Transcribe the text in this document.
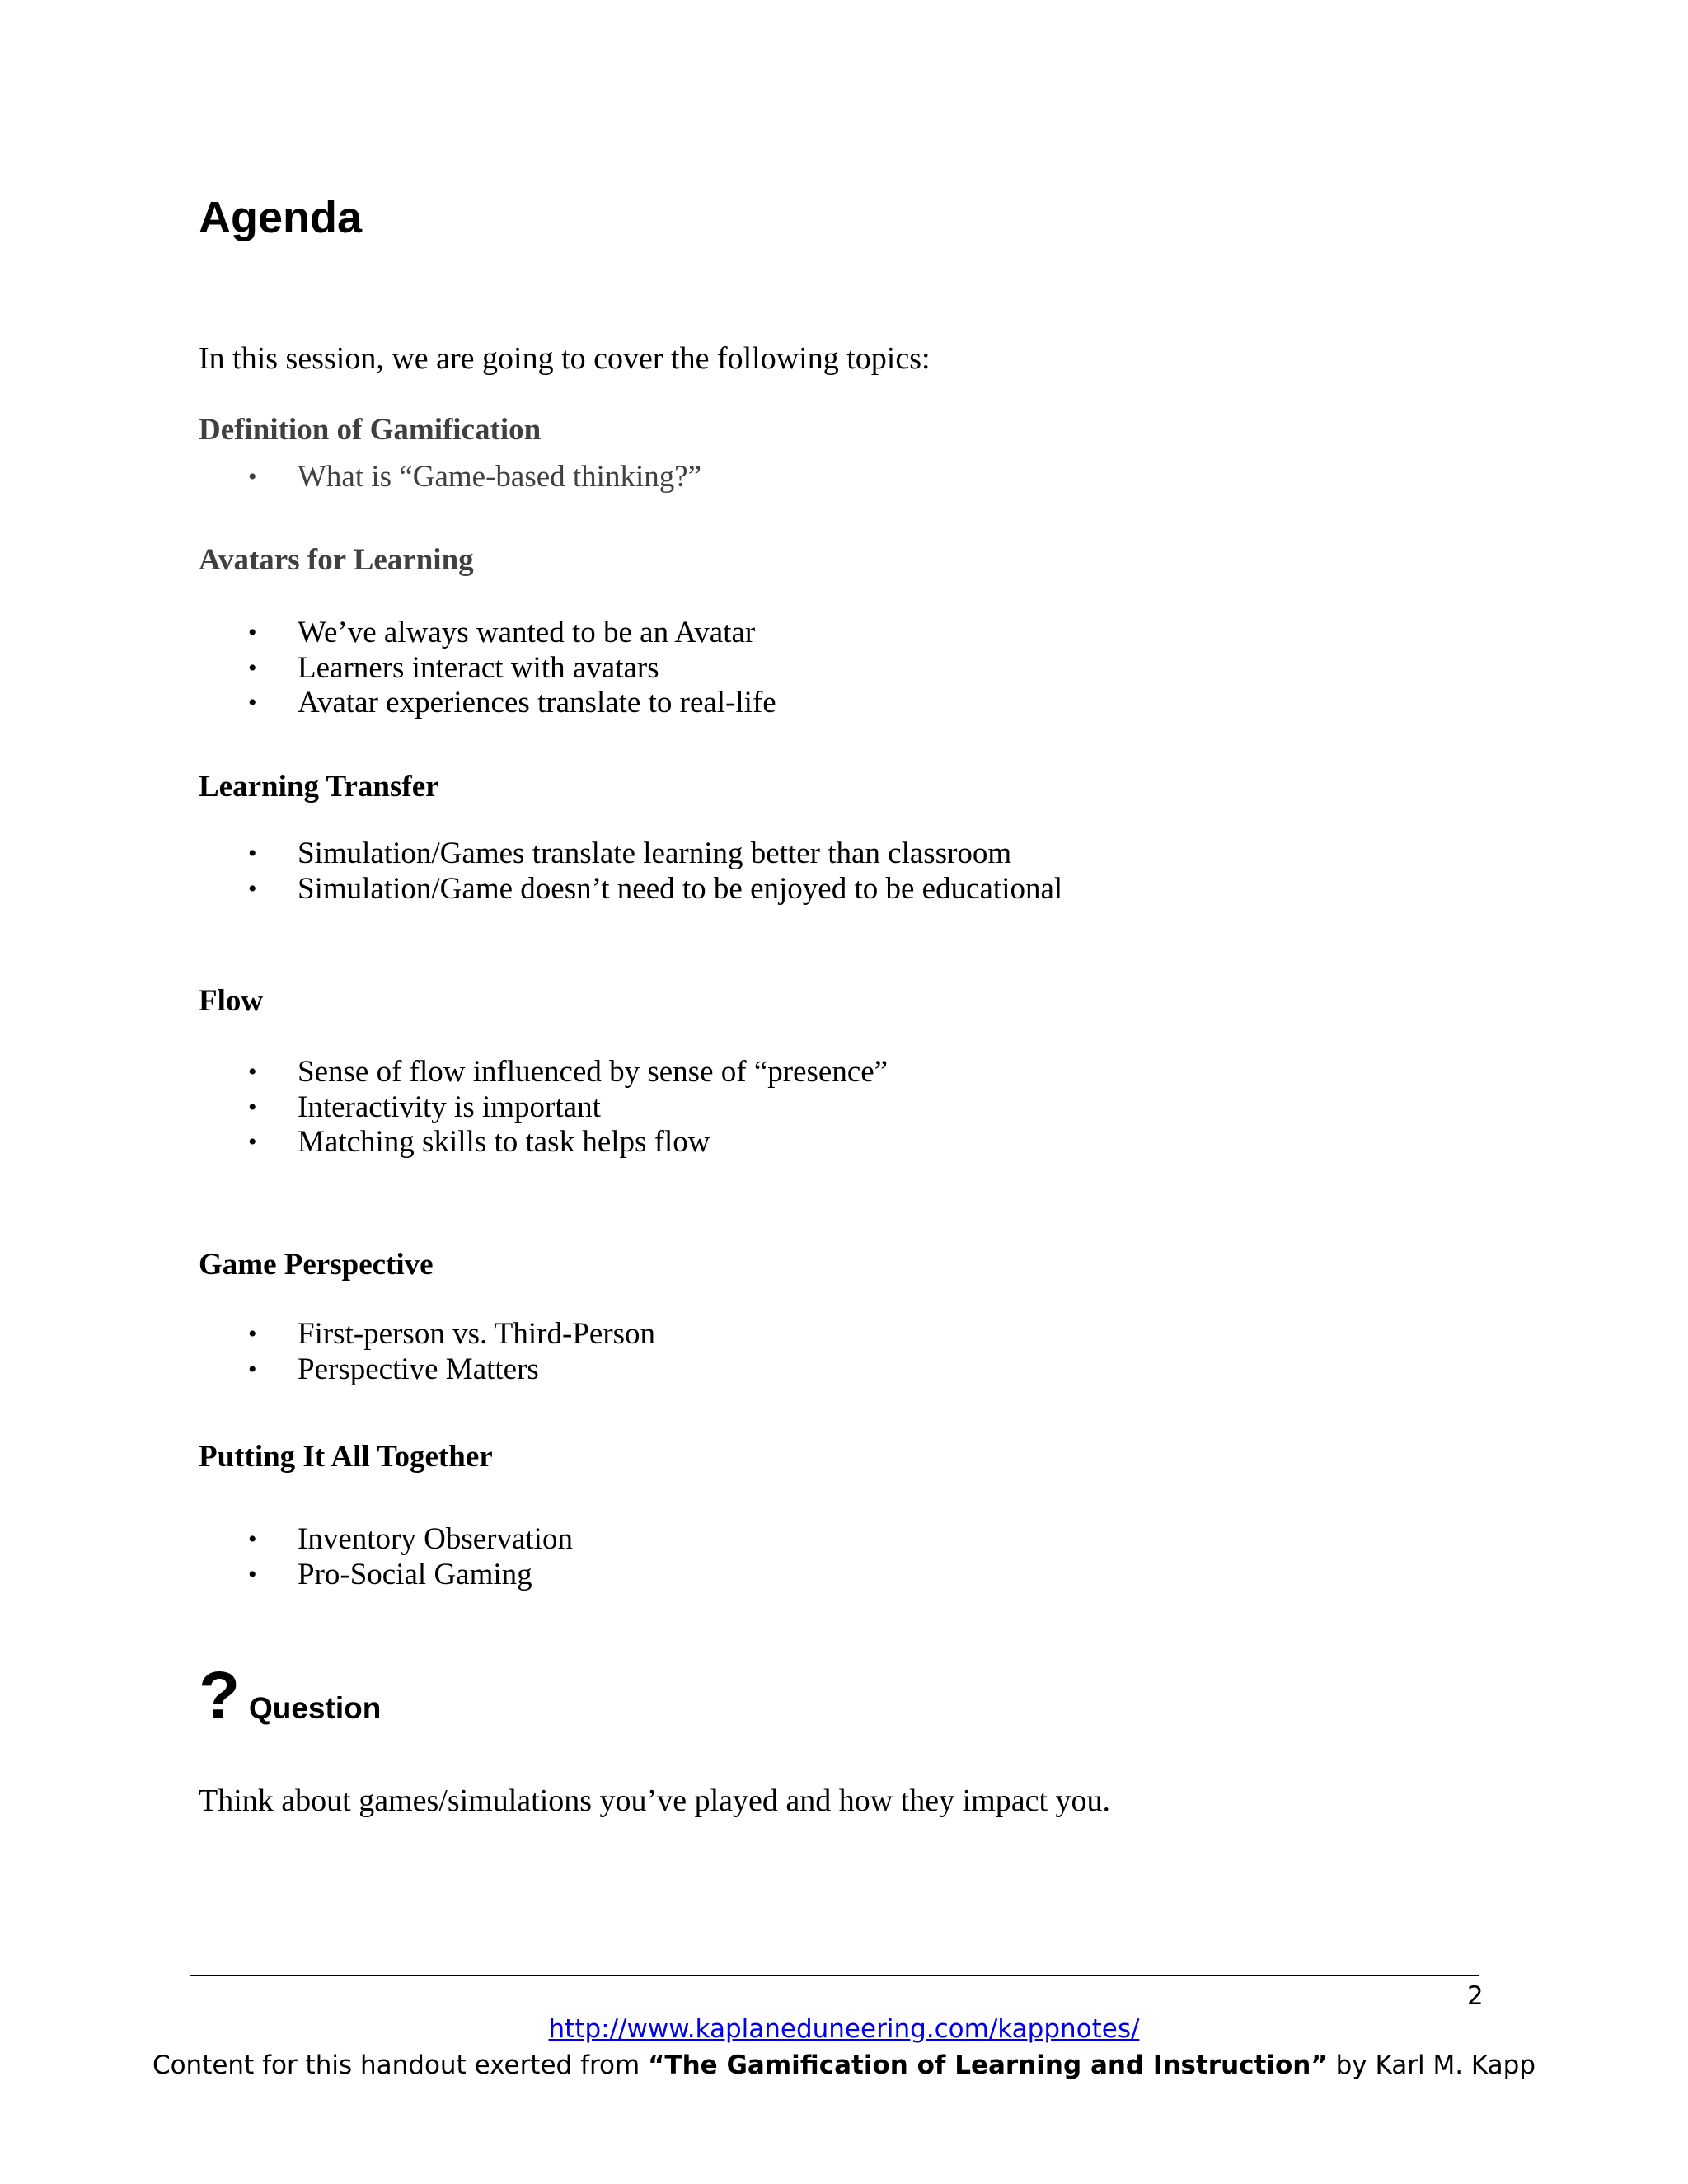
Agenda

In this session, we are going to cover the following topics:

Definition of Gamification
• What is “Game-based thinking?”
Avatars for Learning
• We’ve always wanted to be an Avatar
• Learners interact with avatars
• Avatar experiences translate to real-life
Learning Transfer
• Simulation/Games translate learning better than classroom
• Simulation/Game doesn’t need to be enjoyed to be educational
Flow
• Sense of flow influenced by sense of “presence”
• Interactivity is important
• Matching skills to task helps flow
Game Perspective
• First-person vs. Third-Person
• Perspective Matters
Putting It All Together
• Inventory Observation
• Pro-Social Gaming
? Question

Think about games/simulations you’ve played and how they impact you.

2
http://www.kaplaneduneering.com/kappnotes/
Content for this handout exerted from “The Gamification of Learning and Instruction” by Karl M. Kapp
